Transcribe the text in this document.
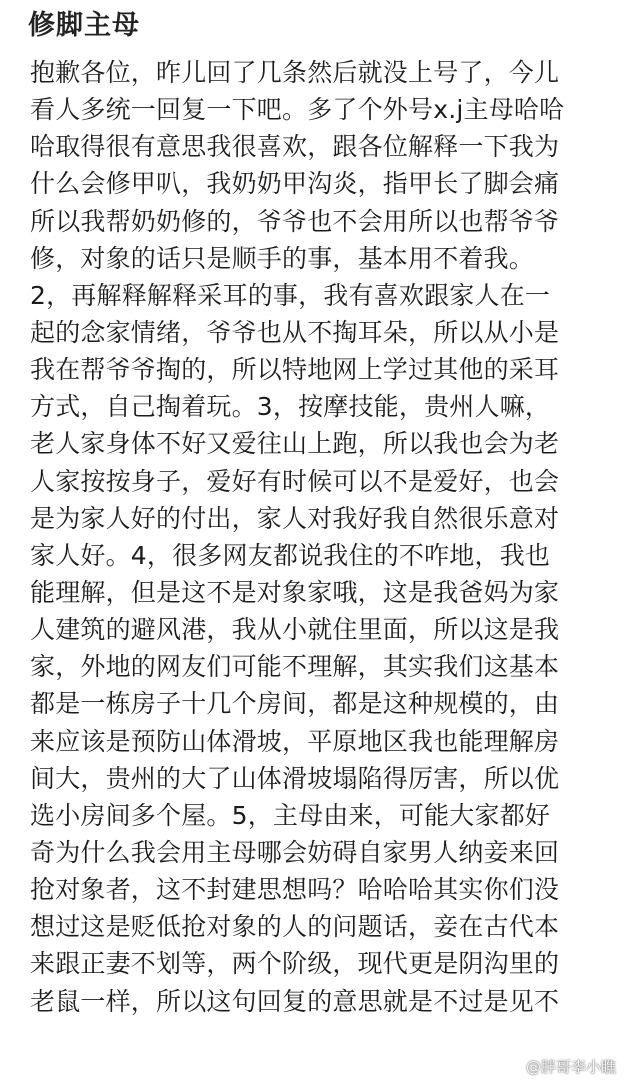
修脚主母
抱歉各位，昨儿回了几条然后就没上号了，今儿
看人多统一回复一下吧。多了个外号x.j主母哈哈
哈取得很有意思我很喜欢，跟各位解释一下我为
什么会修甲叭，我奶奶甲沟炎，指甲长了脚会痛
所以我帮奶奶修的，爷爷也不会用所以也帮爷爷
修，对象的话只是顺手的事，基本用不着我。
2，再解释解释采耳的事，我有喜欢跟家人在一
起的念家情绪，爷爷也从不掏耳朵，所以从小是
我在帮爷爷掏的，所以特地网上学过其他的采耳
方式，自己掏着玩。3，按摩技能，贵州人嘛，
老人家身体不好又爱往山上跑，所以我也会为老
人家按按身子，爱好有时候可以不是爱好，也会
是为家人好的付出，家人对我好我自然很乐意对
家人好。4，很多网友都说我住的不咋地，我也
能理解，但是这不是对象家哦，这是我爸妈为家
人建筑的避风港，我从小就住里面，所以这是我
家，外地的网友们可能不理解，其实我们这基本
都是一栋房子十几个房间，都是这种规模的，由
来应该是预防山体滑坡，平原地区我也能理解房
间大，贵州的大了山体滑坡塌陷得厉害，所以优
选小房间多个屋。5，主母由来，可能大家都好
奇为什么我会用主母哪会妨碍自家男人纳妾来回
抢对象者，这不封建思想吗？哈哈哈其实你们没
想过这是贬低抢对象的人的问题话，妾在古代本
来跟正妻不划等，两个阶级，现代更是阴沟里的
老鼠一样，所以这句回复的意思就是不过是见不
@胖哥李小瞧
